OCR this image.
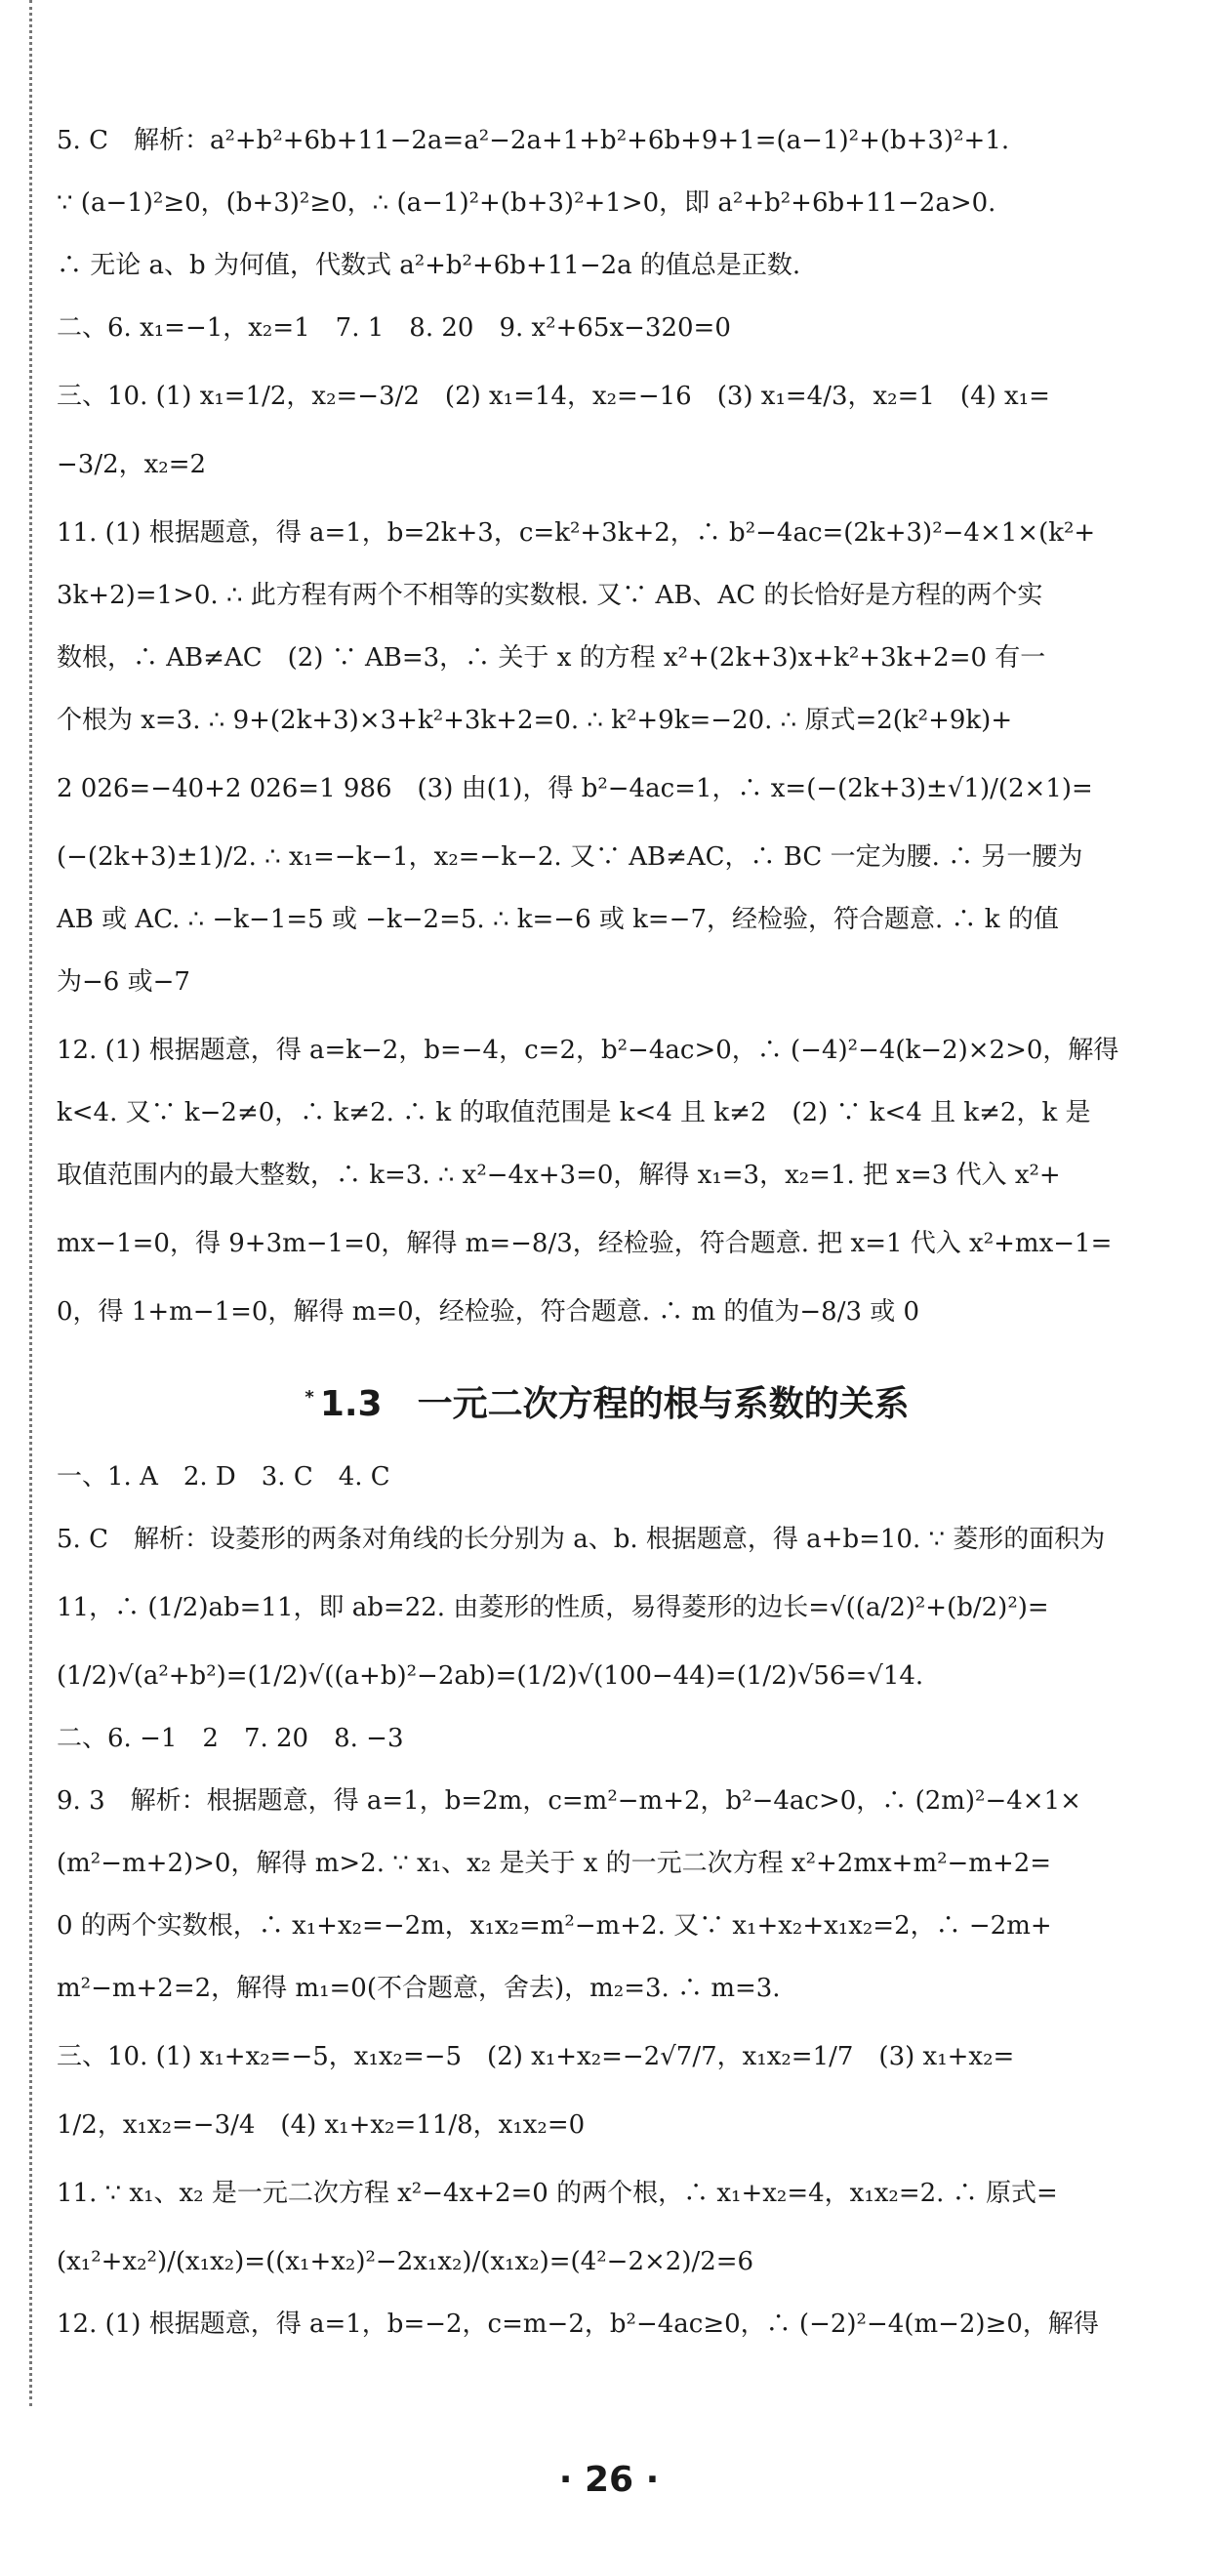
5. C　解析：a²+b²+6b+11−2a=a²−2a+1+b²+6b+9+1=(a−1)²+(b+3)²+1.
∵ (a−1)²≥0，(b+3)²≥0，∴ (a−1)²+(b+3)²+1>0，即 a²+b²+6b+11−2a>0.
∴ 无论 a、b 为何值，代数式 a²+b²+6b+11−2a 的值总是正数.
二、6. x₁=−1，x₂=1　7. 1　8. 20　9. x²+65x−320=0
三、10. (1) x₁=1/2，x₂=−3/2　(2) x₁=14，x₂=−16　(3) x₁=4/3，x₂=1　(4) x₁=
−3/2，x₂=2
11. (1) 根据题意，得 a=1，b=2k+3，c=k²+3k+2，∴ b²−4ac=(2k+3)²−4×1×(k²+
3k+2)=1>0. ∴ 此方程有两个不相等的实数根. 又∵ AB、AC 的长恰好是方程的两个实
数根，∴ AB≠AC　(2) ∵ AB=3，∴ 关于 x 的方程 x²+(2k+3)x+k²+3k+2=0 有一
个根为 x=3. ∴ 9+(2k+3)×3+k²+3k+2=0. ∴ k²+9k=−20. ∴ 原式=2(k²+9k)+
2 026=−40+2 026=1 986　(3) 由(1)，得 b²−4ac=1，∴ x=(−(2k+3)±√1)/(2×1)=
(−(2k+3)±1)/2. ∴ x₁=−k−1，x₂=−k−2. 又∵ AB≠AC，∴ BC 一定为腰. ∴ 另一腰为
AB 或 AC. ∴ −k−1=5 或 −k−2=5. ∴ k=−6 或 k=−7，经检验，符合题意. ∴ k 的值
为−6 或−7
12. (1) 根据题意，得 a=k−2，b=−4，c=2，b²−4ac>0，∴ (−4)²−4(k−2)×2>0，解得
k<4. 又∵ k−2≠0，∴ k≠2. ∴ k 的取值范围是 k<4 且 k≠2　(2) ∵ k<4 且 k≠2，k 是
取值范围内的最大整数，∴ k=3. ∴ x²−4x+3=0，解得 x₁=3，x₂=1. 把 x=3 代入 x²+
mx−1=0，得 9+3m−1=0，解得 m=−8/3，经检验，符合题意. 把 x=1 代入 x²+mx−1=
0，得 1+m−1=0，解得 m=0，经检验，符合题意. ∴ m 的值为−8/3 或 0
* 1.3　一元二次方程的根与系数的关系
一、1. A　2. D　3. C　4. C
5. C　解析：设菱形的两条对角线的长分别为 a、b. 根据题意，得 a+b=10. ∵ 菱形的面积为
11，∴ (1/2)ab=11，即 ab=22. 由菱形的性质，易得菱形的边长=√((a/2)²+(b/2)²)=
(1/2)√(a²+b²)=(1/2)√((a+b)²−2ab)=(1/2)√(100−44)=(1/2)√56=√14.
二、6. −1　2　7. 20　8. −3
9. 3　解析：根据题意，得 a=1，b=2m，c=m²−m+2，b²−4ac>0，∴ (2m)²−4×1×
(m²−m+2)>0，解得 m>2. ∵ x₁、x₂ 是关于 x 的一元二次方程 x²+2mx+m²−m+2=
0 的两个实数根，∴ x₁+x₂=−2m，x₁x₂=m²−m+2. 又∵ x₁+x₂+x₁x₂=2，∴ −2m+
m²−m+2=2，解得 m₁=0(不合题意，舍去)，m₂=3. ∴ m=3.
三、10. (1) x₁+x₂=−5，x₁x₂=−5　(2) x₁+x₂=−2√7/7，x₁x₂=1/7　(3) x₁+x₂=
1/2，x₁x₂=−3/4　(4) x₁+x₂=11/8，x₁x₂=0
11. ∵ x₁、x₂ 是一元二次方程 x²−4x+2=0 的两个根，∴ x₁+x₂=4，x₁x₂=2. ∴ 原式=
(x₁²+x₂²)/(x₁x₂)=((x₁+x₂)²−2x₁x₂)/(x₁x₂)=(4²−2×2)/2=6
12. (1) 根据题意，得 a=1，b=−2，c=m−2，b²−4ac≥0，∴ (−2)²−4(m−2)≥0，解得
· 26 ·
